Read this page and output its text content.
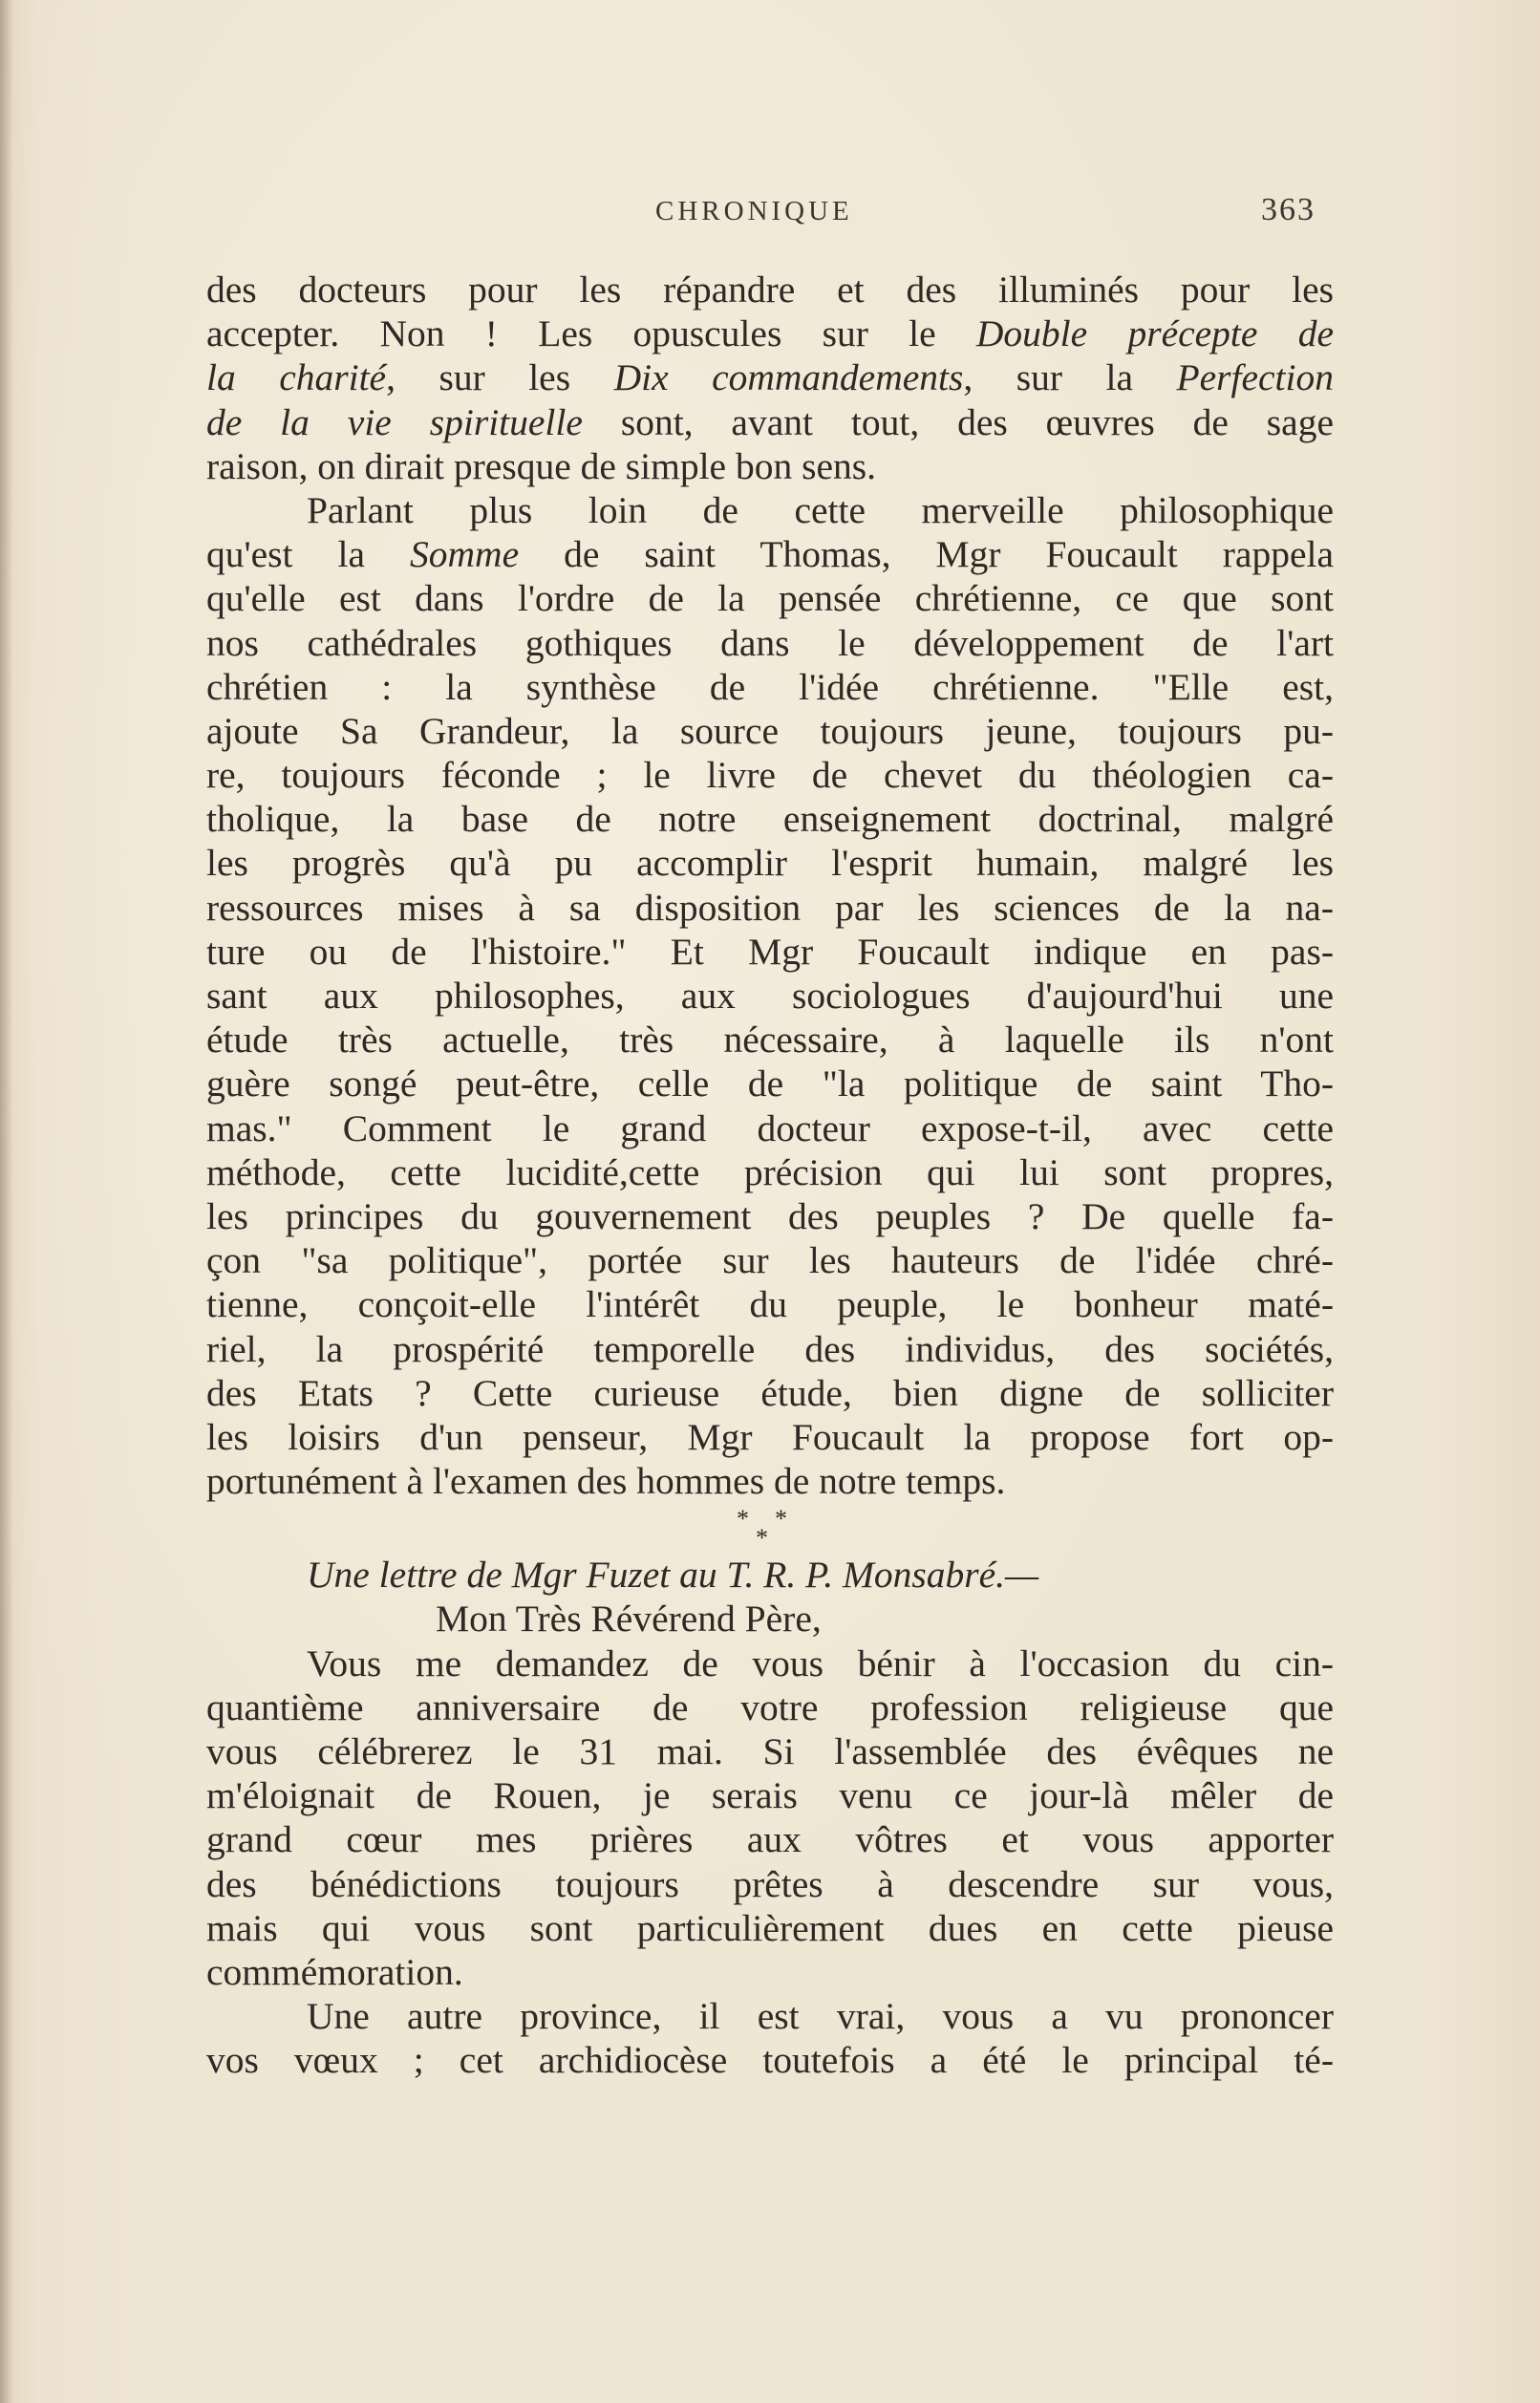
CHRONIQUE	363
des docteurs pour les répandre et des illuminés pour les
accepter. Non ! Les opuscules sur le Double précepte de
la charité, sur les Dix commandements, sur la Perfection
de la vie spirituelle sont, avant tout, des œuvres de sage
raison, on dirait presque de simple bon sens.
Parlant plus loin de cette merveille philosophique
qu'est la Somme de saint Thomas, Mgr Foucault rappela
qu'elle est dans l'ordre de la pensée chrétienne, ce que sont
nos cathédrales gothiques dans le développement de l'art
chrétien : la synthèse de l'idée chrétienne. "Elle est,
ajoute Sa Grandeur, la source toujours jeune, toujours pu-
re, toujours féconde ; le livre de chevet du théologien ca-
tholique, la base de notre enseignement doctrinal, malgré
les progrès qu'à pu accomplir l'esprit humain, malgré les
ressources mises à sa disposition par les sciences de la na-
ture ou de l'histoire." Et Mgr Foucault indique en pas-
sant aux philosophes, aux sociologues d'aujourd'hui une
étude très actuelle, très nécessaire, à laquelle ils n'ont
guère songé peut-être, celle de "la politique de saint Tho-
mas." Comment le grand docteur expose-t-il, avec cette
méthode, cette lucidité,cette précision qui lui sont propres,
les principes du gouvernement des peuples ? De quelle fa-
çon "sa politique", portée sur les hauteurs de l'idée chré-
tienne, conçoit-elle l'intérêt du peuple, le bonheur maté-
riel, la prospérité temporelle des individus, des sociétés,
des Etats ? Cette curieuse étude, bien digne de solliciter
les loisirs d'un penseur, Mgr Foucault la propose fort op-
portunément à l'examen des hommes de notre temps.
* *
*
Une lettre de Mgr Fuzet au T. R. P. Monsabré.—
Mon Très Révérend Père,
Vous me demandez de vous bénir à l'occasion du cin-
quantième anniversaire de votre profession religieuse que
vous célébrerez le 31 mai. Si l'assemblée des évêques ne
m'éloignait de Rouen, je serais venu ce jour-là mêler de
grand cœur mes prières aux vôtres et vous apporter
des bénédictions toujours prêtes à descendre sur vous,
mais qui vous sont particulièrement dues en cette pieuse
commémoration.
Une autre province, il est vrai, vous a vu prononcer
vos vœux ; cet archidiocèse toutefois a été le principal té-
